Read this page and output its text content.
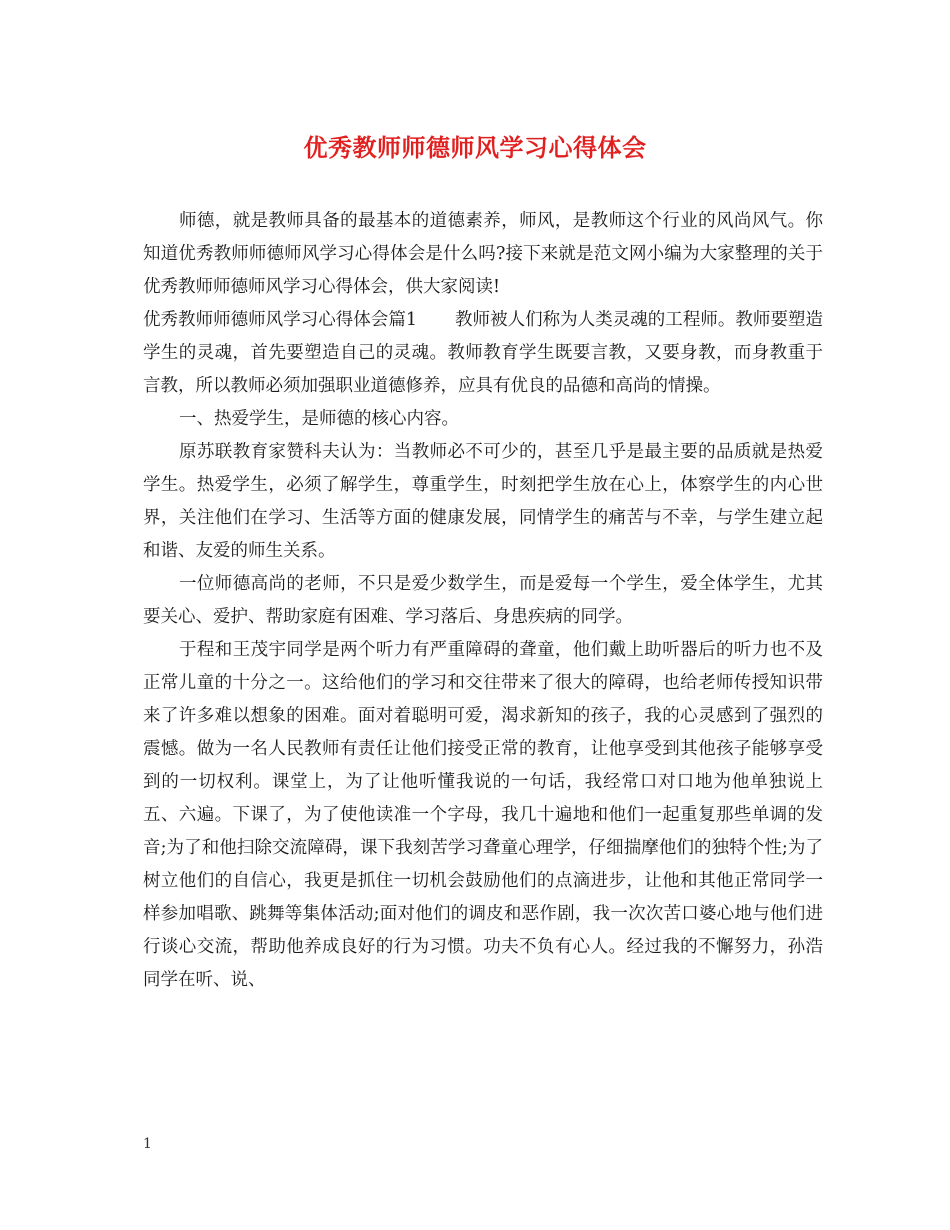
优秀教师师德师风学习心得体会

师德，就是教师具备的最基本的道德素养，师风，是教师这个行业的风尚风气。你知道优秀教师师德师风学习心得体会是什么吗?接下来就是范文网小编为大家整理的关于优秀教师师德师风学习心得体会，供大家阅读!

优秀教师师德师风学习心得体会篇1 教师被人们称为人类灵魂的工程师。教师要塑造学生的灵魂，首先要塑造自己的灵魂。教师教育学生既要言教，又要身教，而身教重于言教，所以教师必须加强职业道德修养，应具有优良的品德和高尚的情操。

一、热爱学生，是师德的核心内容。

原苏联教育家赞科夫认为：当教师必不可少的，甚至几乎是最主要的品质就是热爱学生。热爱学生，必须了解学生，尊重学生，时刻把学生放在心上，体察学生的内心世界，关注他们在学习、生活等方面的健康发展，同情学生的痛苦与不幸，与学生建立起和谐、友爱的师生关系。

一位师德高尚的老师，不只是爱少数学生，而是爱每一个学生，爱全体学生，尤其要关心、爱护、帮助家庭有困难、学习落后、身患疾病的同学。

于程和王茂宇同学是两个听力有严重障碍的聋童，他们戴上助听器后的听力也不及正常儿童的十分之一。这给他们的学习和交往带来了很大的障碍，也给老师传授知识带来了许多难以想象的困难。面对着聪明可爱，渴求新知的孩子，我的心灵感到了强烈的震憾。做为一名人民教师有责任让他们接受正常的教育，让他享受到其他孩子能够享受到的一切权利。课堂上，为了让他听懂我说的一句话，我经常口对口地为他单独说上五、六遍。下课了，为了使他读准一个字母，我几十遍地和他们一起重复那些单调的发音;为了和他扫除交流障碍，课下我刻苦学习聋童心理学，仔细揣摩他们的独特个性;为了树立他们的自信心，我更是抓住一切机会鼓励他们的点滴进步，让他和其他正常同学一样参加唱歌、跳舞等集体活动;面对他们的调皮和恶作剧，我一次次苦口婆心地与他们进行谈心交流，帮助他养成良好的行为习惯。功夫不负有心人。经过我的不懈努力，孙浩同学在听、说、

1
